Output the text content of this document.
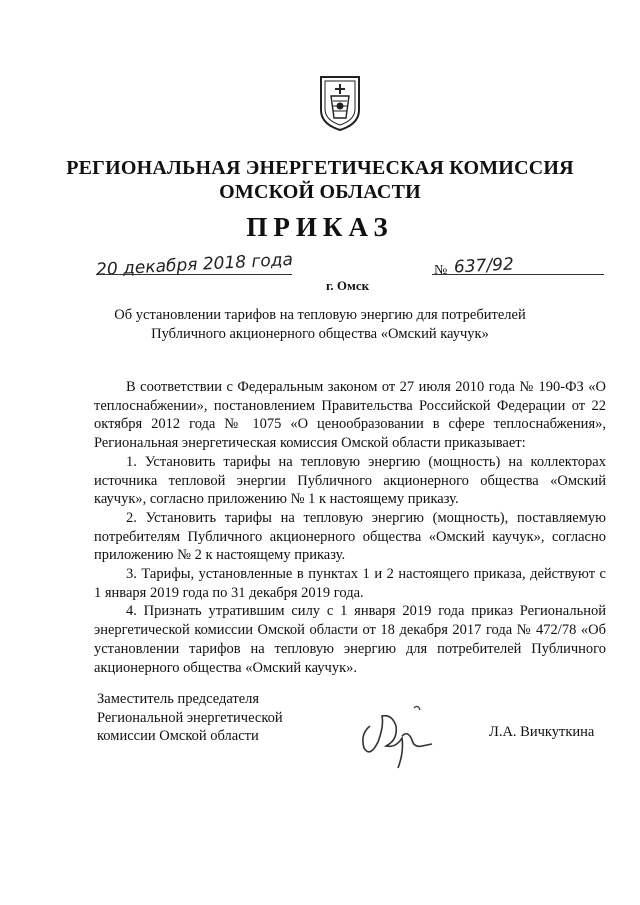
РЕГИОНАЛЬНАЯ ЭНЕРГЕТИЧЕСКАЯ КОМИССИЯ
ОМСКОЙ ОБЛАСТИ
ПРИКАЗ
20 декабря 2018 года
г. Омск
№ 637/92
Об установлении тарифов на тепловую энергию для потребителей
Публичного акционерного общества «Омский каучук»

В соответствии с Федеральным законом от 27 июля 2010 года № 190-ФЗ «О теплоснабжении», постановлением Правительства Российской Федерации от 22 октября 2012 года № 1075 «О ценообразовании в сфере теплоснабжения», Региональная энергетическая комиссия Омской области приказывает:

1. Установить тарифы на тепловую энергию (мощность) на коллекторах источника тепловой энергии Публичного акционерного общества «Омский каучук», согласно приложению № 1 к настоящему приказу.

2. Установить тарифы на тепловую энергию (мощность), поставляемую потребителям Публичного акционерного общества «Омский каучук», согласно приложению № 2 к настоящему приказу.

3. Тарифы, установленные в пунктах 1 и 2 настоящего приказа, действуют с 1 января 2019 года по 31 декабря 2019 года.

4. Признать утратившим силу с 1 января 2019 года приказ Региональной энергетической комиссии Омской области от 18 декабря 2017 года № 472/78 «Об установлении тарифов на тепловую энергию для потребителей Публичного акционерного общества «Омский каучук».

Заместитель председателя
Региональной энергетической
комиссии Омской области	Л.А. Вичкуткина
